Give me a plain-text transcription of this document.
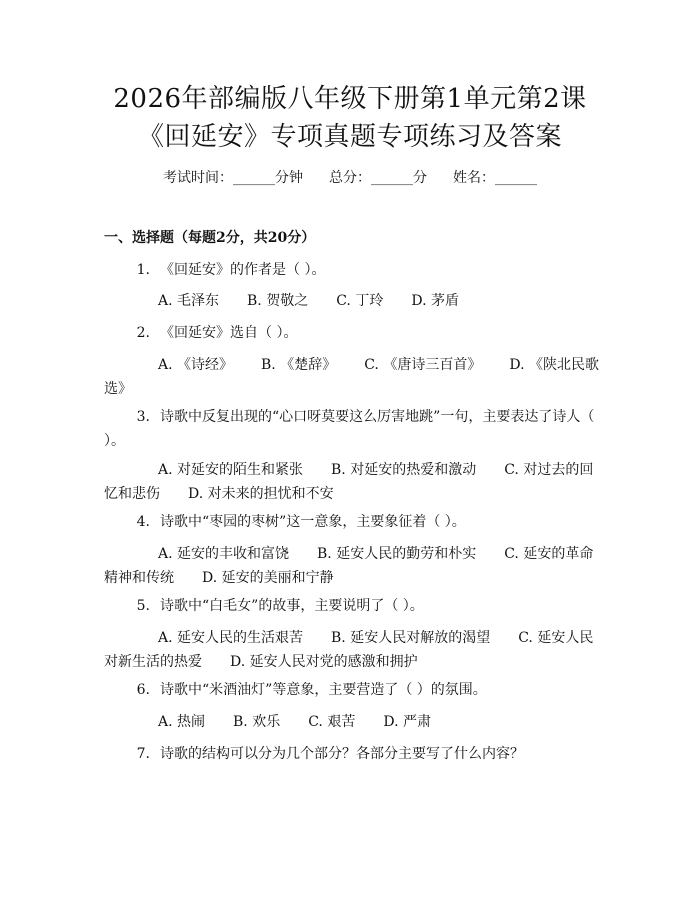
2026年部编版八年级下册第1单元第2课
《回延安》专项真题专项练习及答案
考试时间：______分钟 总分：______分 姓名：______
一、选择题（每题2分，共20分）
1. 《回延安》的作者是（ ）。
A. 毛泽东 B. 贺敬之 C. 丁玲 D. 茅盾
2. 《回延安》选自（ ）。
A. 《诗经》 B. 《楚辞》 C. 《唐诗三百首》 D. 《陕北民歌选》
3. 诗歌中反复出现的“心口呀莫要这么厉害地跳”一句，主要表达了诗人（ ）。
A. 对延安的陌生和紧张 B. 对延安的热爱和激动 C. 对过去的回忆和悲伤 D. 对未来的担忧和不安
4. 诗歌中“枣园的枣树”这一意象，主要象征着（ ）。
A. 延安的丰收和富饶 B. 延安人民的勤劳和朴实 C. 延安的革命精神和传统 D. 延安的美丽和宁静
5. 诗歌中“白毛女”的故事，主要说明了（ ）。
A. 延安人民的生活艰苦 B. 延安人民对解放的渴望 C. 延安人民对新生活的热爱 D. 延安人民对党的感激和拥护
6. 诗歌中“米酒油灯”等意象，主要营造了（ ）的氛围。
A. 热闹 B. 欢乐 C. 艰苦 D. 严肃
7. 诗歌的结构可以分为几个部分？各部分主要写了什么内容？
